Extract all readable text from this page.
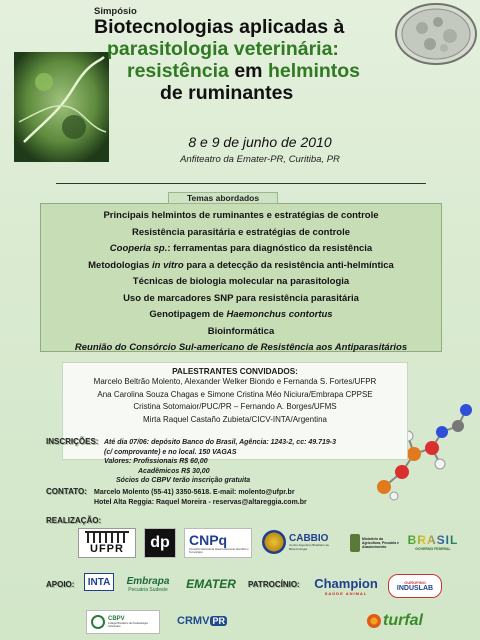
Simpósio
Biotecnologias aplicadas à
parasitologia veterinária:
resistência em helmintos
de ruminantes
8 e 9 de junho de 2010
Anfiteatro da Emater-PR, Curitiba, PR
Principais helmintos de ruminantes e estratégias de controle
Resistência parasitária e estratégias de controle
Cooperia sp.: ferramentas para diagnóstico da resistência
Metodologias in vitro para a detecção da resistência anti-helmíntica
Técnicas de biologia molecular na parasitologia
Uso de marcadores SNP para resistência parasitária
Genotipagem de Haemonchus contortus
Bioinformática
Reunião do Consórcio Sul-americano de Resistência aos Antiparasitários
Temas abordados
PALESTRANTES CONVIDADOS:

Marcelo Beltrão Molento, Alexander Welker Biondo e Fernanda S. Fortes/UFPR

Ana Carolina Souza Chagas e Simone Cristina Méo Niciura/Embrapa CPPSE

Cristina Sotomaior/PUC/PR – Fernando A. Borges/UFMS

Mirta Raquel Castaño Zubieta/CICV-INTA/Argentina

INSCRIÇÕES: Até dia 07/06: depósito Banco do Brasil, Agência: 1243-2, cc: 49.719-3
(c/ comprovante) e no local. 150 VAGAS
Valores: Profissionais R$ 60,00
Acadêmicos R$ 30,00
Sócios do CBPV terão inscrição gratuita
CONTATO: Marcelo Molento (55-41) 3350-5618. E-mail: molento@ufpr.br
Hotel Alta Reggia: Raquel Moreira - reservas@altareggia.com.br
REALIZAÇÃO:
UFPR	dp	CNPq
Conselho Nacional de Desenvolvimento Científico e Tecnológico
CABBIO
Centro Argentino Brasileiro de Biotecnologia
Ministério da Agricultura, Pecuária e Abastecimento	BRASIL
GOVERNO FEDERAL
APOIO:	INTA	Embrapa
Pecuária Sudeste EMATER PATROCÍNIO: Champion
SAÚDE ANIMAL
OUROFINO
INDUSLAB
CBPV
Colégio Brasileiro de Parasitologia Veterinária	CRMV PR	turfal
